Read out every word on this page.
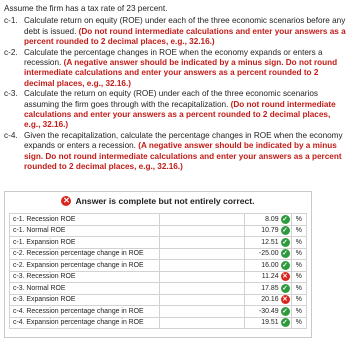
Assume the firm has a tax rate of 23 percent.

c-1. Calculate return on equity (ROE) under each of the three economic scenarios before any debt is issued. (Do not round intermediate calculations and enter your answers as a percent rounded to 2 decimal places, e.g., 32.16.)
c-2. Calculate the percentage changes in ROE when the economy expands or enters a recession. (A negative answer should be indicated by a minus sign. Do not round intermediate calculations and enter your answers as a percent rounded to 2 decimal places, e.g., 32.16.)
c-3. Calculate the return on equity (ROE) under each of the three economic scenarios assuming the firm goes through with the recapitalization. (Do not round intermediate calculations and enter your answers as a percent rounded to 2 decimal places, e.g., 32.16.)
c-4. Given the recapitalization, calculate the percentage changes in ROE when the economy expands or enters a recession. (A negative answer should be indicated by a minus sign. Do not round intermediate calculations and enter your answers as a percent rounded to 2 decimal places, e.g., 32.16.)
✕ Answer is complete but not entirely correct.
c-1. Recession ROE		8.09 ✓	%
c-1. Normal ROE		10.79 ✓	%
c-1. Expansion ROE		12.51 ✓	%
c-2. Recession percentage change in ROE		-25.00 ✓	%
c-2. Expansion percentage change in ROE		16.00 ✓	%
c-3. Recession ROE		11.24 ✕	%
c-3. Normal ROE		17.85 ✓	%
c-3. Expansion ROE		20.16 ✕	%
c-4. Recession percentage change in ROE		-30.49 ✓	%
c-4. Expansion percentage change in ROE		19.51 ✓	%
